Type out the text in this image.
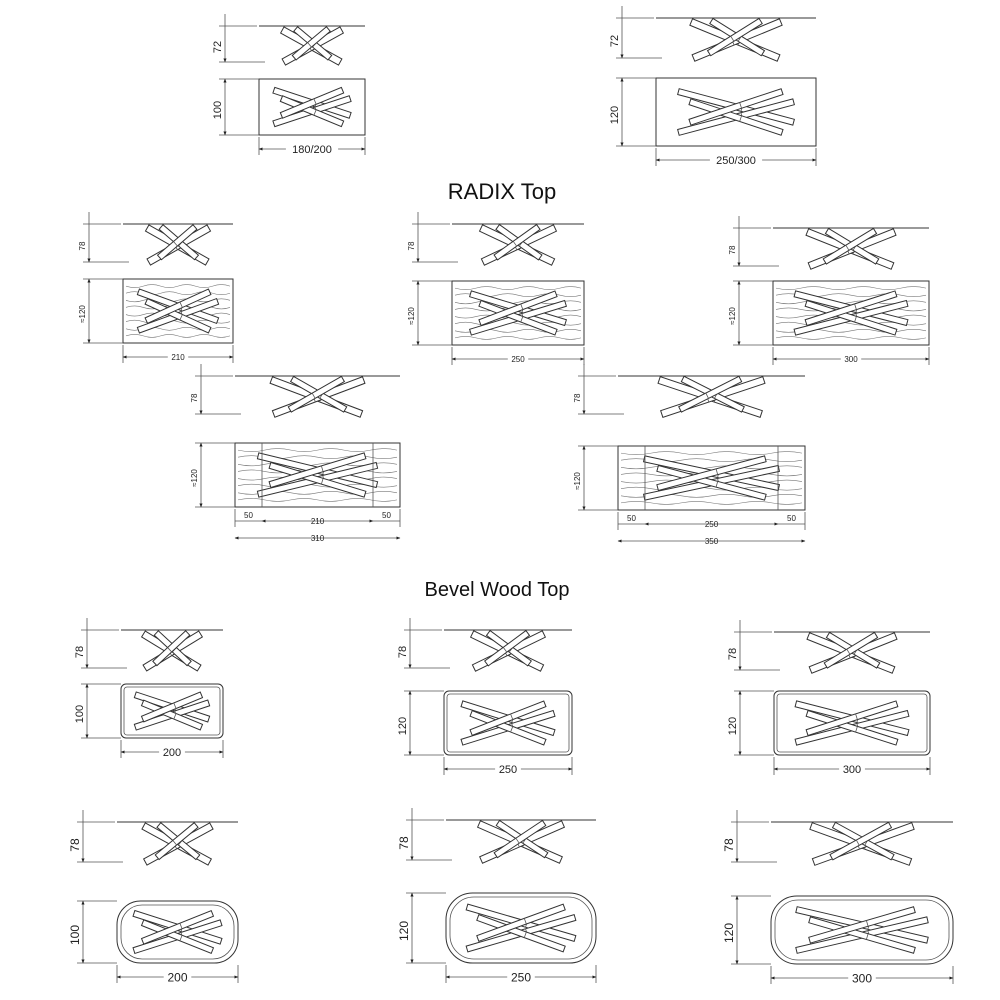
RADIX Top
Bevel Wood Top
72
100
180/200
72
120
250/300
78
≈120
210
78
≈120
250
78
≈120
300
78
≈120
50
210
50
310
78
≈120
50
250
50
350
78
100
200
78
120
250
78
120
300
78
100
200
78
120
250
78
120
300
